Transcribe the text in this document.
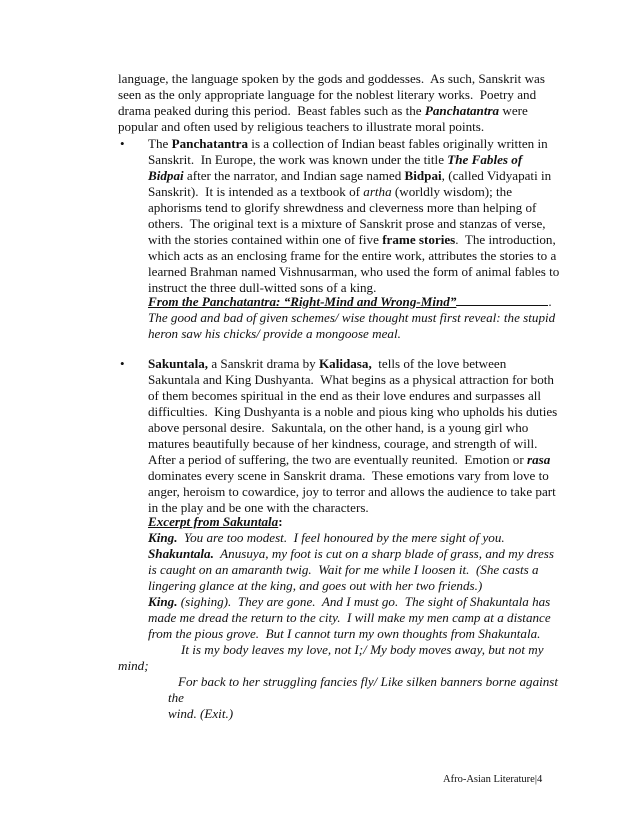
language, the language spoken by the gods and goddesses.  As such, Sanskrit was
seen as the only appropriate language for the noblest literary works.  Poetry and
drama peaked during this period.  Beast fables such as the Panchatantra were
popular and often used by religious teachers to illustrate moral points.
• The Panchatantra is a collection of Indian beast fables originally written in
Sanskrit.  In Europe, the work was known under the title The Fables of
Bidpai after the narrator, and Indian sage named Bidpai, (called Vidyapati in
Sanskrit).  It is intended as a textbook of artha (worldly wisdom); the
aphorisms tend to glorify shrewdness and cleverness more than helping of
others.  The original text is a mixture of Sanskrit prose and stanzas of verse,
with the stories contained within one of five frame stories.  The introduction,
which acts as an enclosing frame for the entire work, attributes the stories to a
learned Brahman named Vishnusarman, who used the form of animal fables to
instruct the three dull-witted sons of a king.
From the Panchatantra: “Right-Mind and Wrong-Mind”	.
The good and bad of given schemes/ wise thought must first reveal: the stupid
heron saw his chicks/ provide a mongoose meal.
• Sakuntala, a Sanskrit drama by Kalidasa,  tells of the love between
Sakuntala and King Dushyanta.  What begins as a physical attraction for both
of them becomes spiritual in the end as their love endures and surpasses all
difficulties.  King Dushyanta is a noble and pious king who upholds his duties
above personal desire.  Sakuntala, on the other hand, is a young girl who
matures beautifully because of her kindness, courage, and strength of will.
After a period of suffering, the two are eventually reunited.  Emotion or rasa
dominates every scene in Sanskrit drama.  These emotions vary from love to
anger, heroism to cowardice, joy to terror and allows the audience to take part
in the play and be one with the characters.
Excerpt from Sakuntala:
King.  You are too modest.  I feel honoured by the mere sight of you.
Shakuntala.  Anusuya, my foot is cut on a sharp blade of grass, and my dress
is caught on an amaranth twig.  Wait for me while I loosen it.  (She casts a
lingering glance at the king, and goes out with her two friends.)
King. (sighing).  They are gone.  And I must go.  The sight of Shakuntala has
made me dread the return to the city.  I will make my men camp at a distance
from the pious grove.  But I cannot turn my own thoughts from Shakuntala.
It is my body leaves my love, not I;/ My body moves away, but not my
mind;
For back to her struggling fancies fly/ Like silken banners borne against
the
wind. (Exit.)
Afro-Asian Literature|4
